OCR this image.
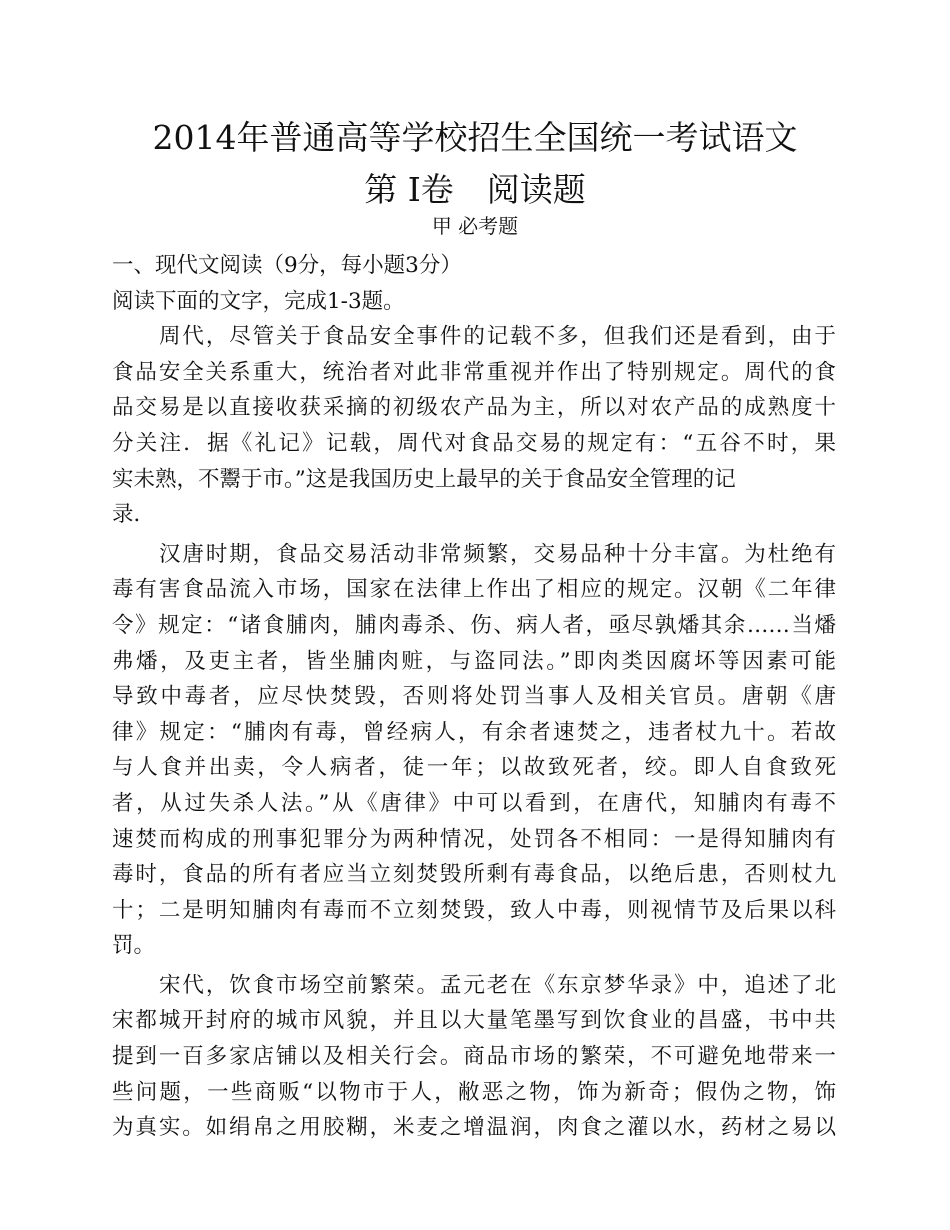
2014年普通高等学校招生全国统一考试语文
第 I卷　阅读题
甲 必考题
一、现代文阅读（9分，每小题3分）
阅读下面的文字，完成1-3题。
周代，尽管关于食品安全事件的记载不多，但我们还是看到，由于
食品安全关系重大，统治者对此非常重视并作出了特别规定。周代的食
品交易是以直接收获采摘的初级农产品为主，所以对农产品的成熟度十
分关注．据《礼记》记载，周代对食品交易的规定有：“五谷不时，果
实未熟，不鬻于市。”这是我国历史上最早的关于食品安全管理的记
录．
汉唐时期，食品交易活动非常频繁，交易品种十分丰富。为杜绝有
毒有害食品流入市场，国家在法律上作出了相应的规定。汉朝《二年律
令》规定：“诸食脯肉，脯肉毒杀、伤、病人者，亟尽孰燔其余……当燔
弗燔，及吏主者，皆坐脯肉赃，与盗同法。”即肉类因腐坏等因素可能
导致中毒者，应尽快焚毁，否则将处罚当事人及相关官员。唐朝《唐
律》规定：“脯肉有毒，曾经病人，有余者速焚之，违者杖九十。若故
与人食并出卖，令人病者，徒一年；以故致死者，绞。即人自食致死
者，从过失杀人法。”从《唐律》中可以看到，在唐代，知脯肉有毒不
速焚而构成的刑事犯罪分为两种情况，处罚各不相同：一是得知脯肉有
毒时，食品的所有者应当立刻焚毁所剩有毒食品，以绝后患，否则杖九
十；二是明知脯肉有毒而不立刻焚毁，致人中毒，则视情节及后果以科
罚。
宋代，饮食市场空前繁荣。孟元老在《东京梦华录》中，追述了北
宋都城开封府的城市风貌，并且以大量笔墨写到饮食业的昌盛，书中共
提到一百多家店铺以及相关行会。商品市场的繁荣，不可避免地带来一
些问题，一些商贩“以物市于人，敝恶之物，饰为新奇；假伪之物，饰
为真实。如绢帛之用胶糊，米麦之增温润，肉食之灌以水，药材之易以
